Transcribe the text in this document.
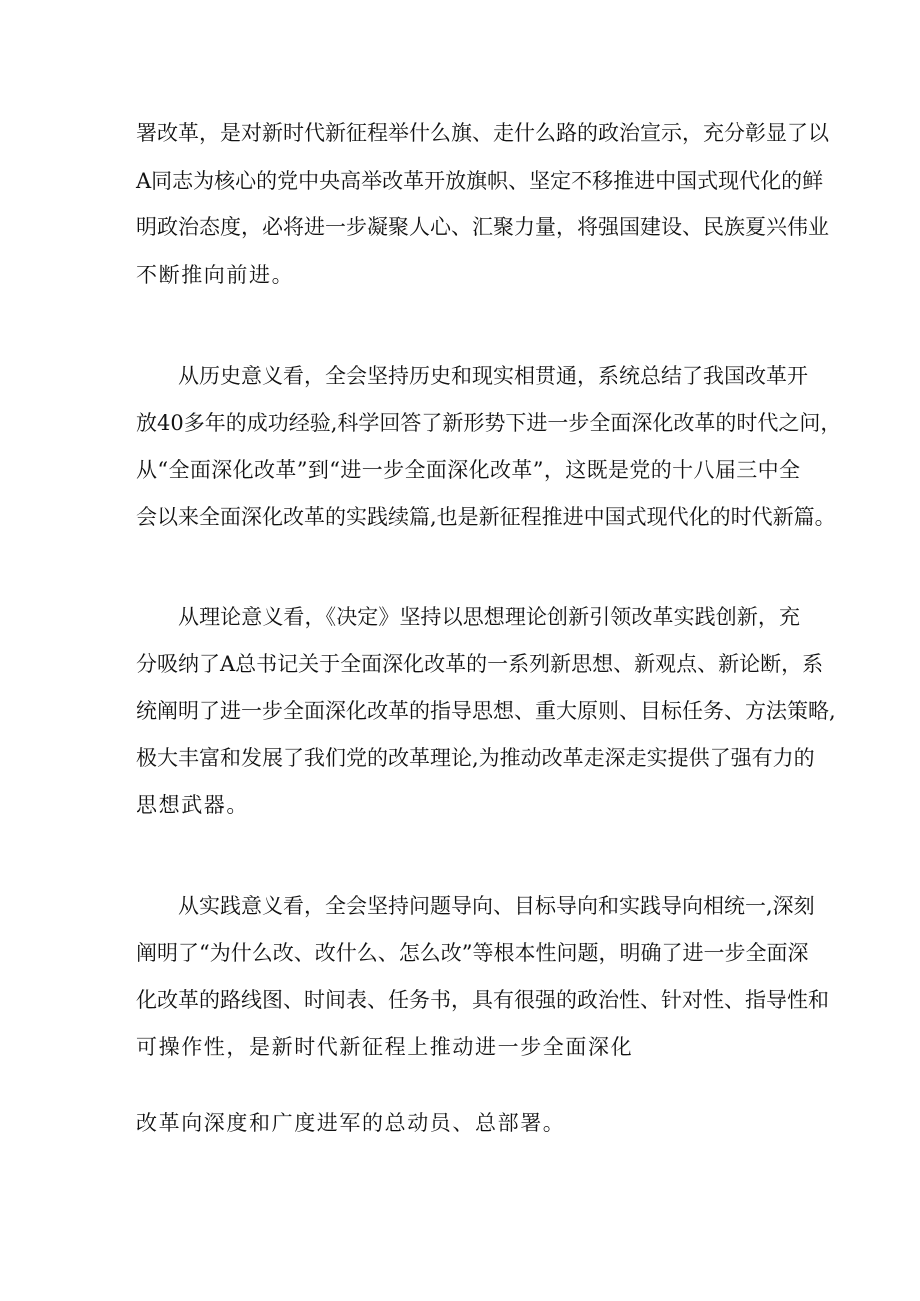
署改革，是对新时代新征程举什么旗、走什么路的政治宣示，充分彰显了以

A同志为核心的党中央高举改革开放旗帜、坚定不移推进中国式现代化的鲜

明政治态度，必将进一步凝聚人心、汇聚力量，将强国建设、民族夏兴伟业

不断推向前进。

从历史意义看，全会坚持历史和现实相贯通，系统总结了我国改革开

放40多年的成功经验,科学回答了新形势下进一步全面深化改革的时代之问，

从“全面深化改革”到“进一步全面深化改革”，这既是党的十八届三中全

会以来全面深化改革的实践续篇,也是新征程推进中国式现代化的时代新篇。

从理论意义看，《决定》坚持以思想理论创新引领改革实践创新，充

分吸纳了A总书记关于全面深化改革的一系列新思想、新观点、新论断，系

统阐明了进一步全面深化改革的指导思想、重大原则、目标任务、方法策略,

极大丰富和发展了我们党的改革理论,为推动改革走深走实提供了强有力的

思想武器。

从实践意义看，全会坚持问题导向、目标导向和实践导向相统一,深刻

阐明了“为什么改、改什么、怎么改”等根本性问题，明确了进一步全面深

化改革的路线图、时间表、任务书，具有很强的政治性、针对性、指导性和

可操作性，是新时代新征程上推动进一步全面深化

改革向深度和广度进军的总动员、总部署。
